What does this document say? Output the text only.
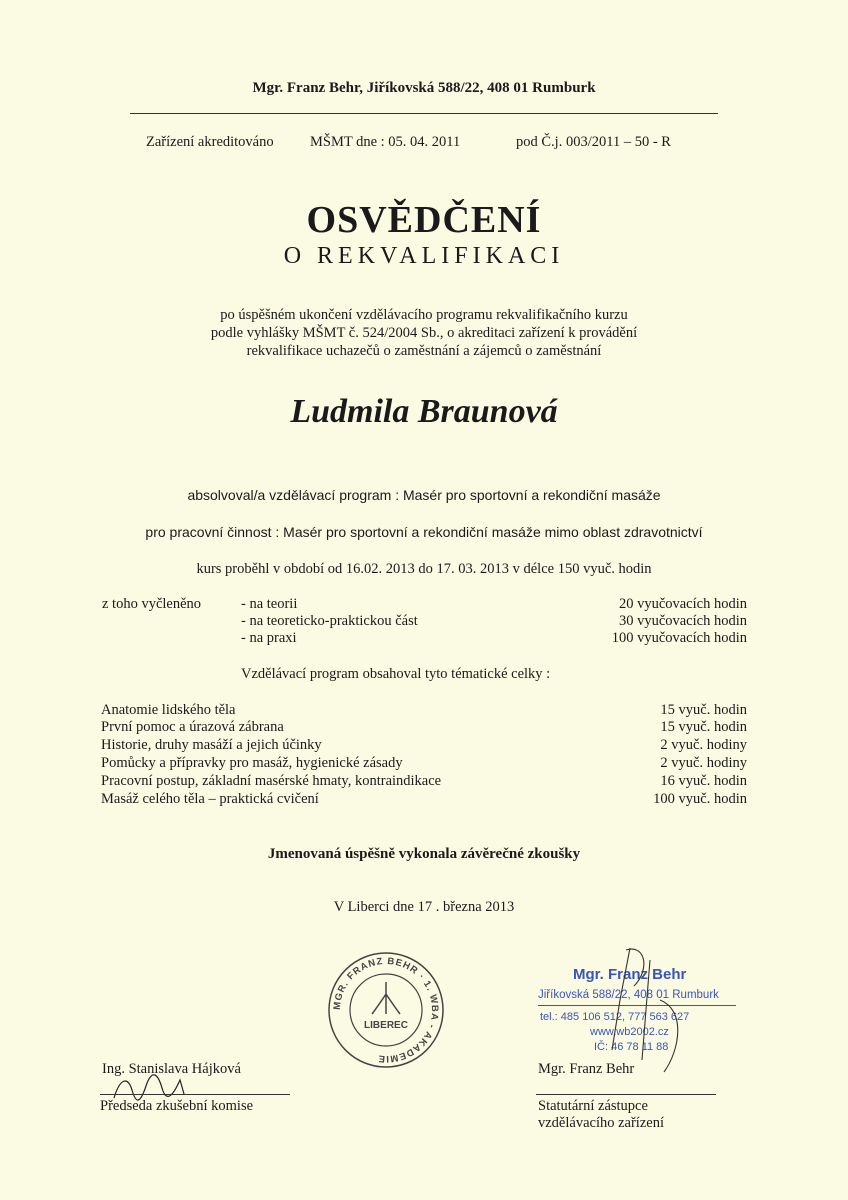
Mgr. Franz Behr, Jiříkovská 588/22, 408 01 Rumburk
Zařízení akreditováno	MŠMT dne : 05. 04. 2011	pod Č.j. 003/2011 – 50 - R
OSVĚDČENÍ
O REKVALIFIKACI
po úspěšném ukončení vzdělávacího programu rekvalifikačního kurzu
podle vyhlášky MŠMT č. 524/2004 Sb., o akreditaci zařízení k provádění
rekvalifikace uchazečů o zaměstnání a zájemců o zaměstnání
Ludmila Braunová
absolvoval/a vzdělávací program : Masér pro sportovní a rekondiční masáže
pro pracovní činnost : Masér pro sportovní a rekondiční masáže mimo oblast zdravotnictví
kurs proběhl v období od 16.02. 2013 do 17. 03. 2013 v délce 150 vyuč. hodin
z toho vyčleněno	- na teorii	20 vyučovacích hodin
- na teoreticko-praktickou část	30 vyučovacích hodin
- na praxi	100 vyučovacích hodin
Vzdělávací program obsahoval tyto tématické celky :
Anatomie lidského těla	15 vyuč. hodin
První pomoc a úrazová zábrana	15 vyuč. hodin
Historie, druhy masáží a jejich účinky	2 vyuč. hodiny
Pomůcky a přípravky pro masáž, hygienické zásady	2 vyuč. hodiny
Pracovní postup, základní masérské hmaty, kontraindikace	16 vyuč. hodin
Masáž celého těla – praktická cvičení	100 vyuč. hodin
Jmenovaná úspěšně vykonala závěrečné zkoušky
V Liberci dne 17 . března 2013
MGR. FRANZ BEHR · 1. WBA - AKADEMIE
LIBEREC
Mgr. Franz Behr
Jiříkovská 588/22, 408 01 Rumburk
tel.: 485 106 512, 777 563 627
www.wb2002.cz
IČ: 46 78 11 88
Ing. Stanislava Hájková
Předseda zkušební komise
Mgr. Franz Behr
Statutární zástupce
vzdělávacího zařízení
